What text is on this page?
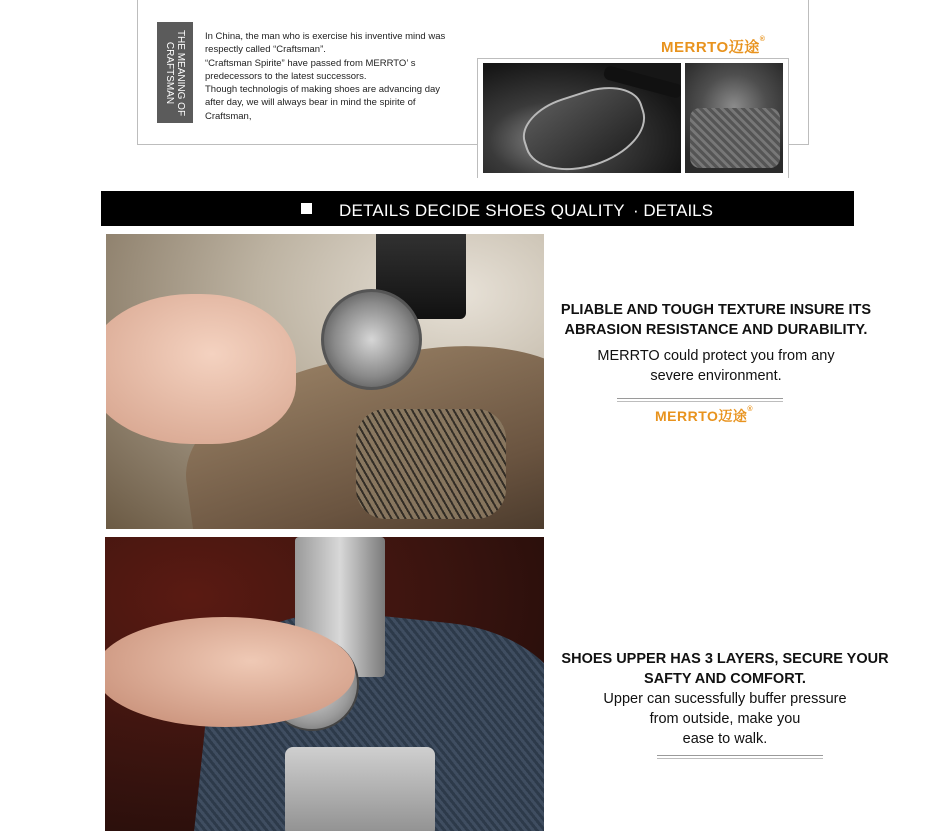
THE MEANING OF CRAFTSMAN
In China, the man who is exercise his inventive mind was
respectly called “Craftsman”.
“Craftsman Spirite” have passed from MERRTO’ s
predecessors to the latest successors.
Though technologis of making shoes are advancing day
after day, we will always bear in mind the spirite of
Craftsman,
MERRTO迈途®
DETAILS DECIDE SHOES QUALITY · DETAILS
PLIABLE AND TOUGH TEXTURE INSURE ITS
ABRASION RESISTANCE AND DURABILITY.
MERRTO could protect you from any
severe environment.
MERRTO迈途®
SHOES UPPER HAS 3 LAYERS, SECURE YOUR
SAFTY AND COMFORT.
Upper can sucessfully buffer pressure
from outside, make you
ease to walk.
